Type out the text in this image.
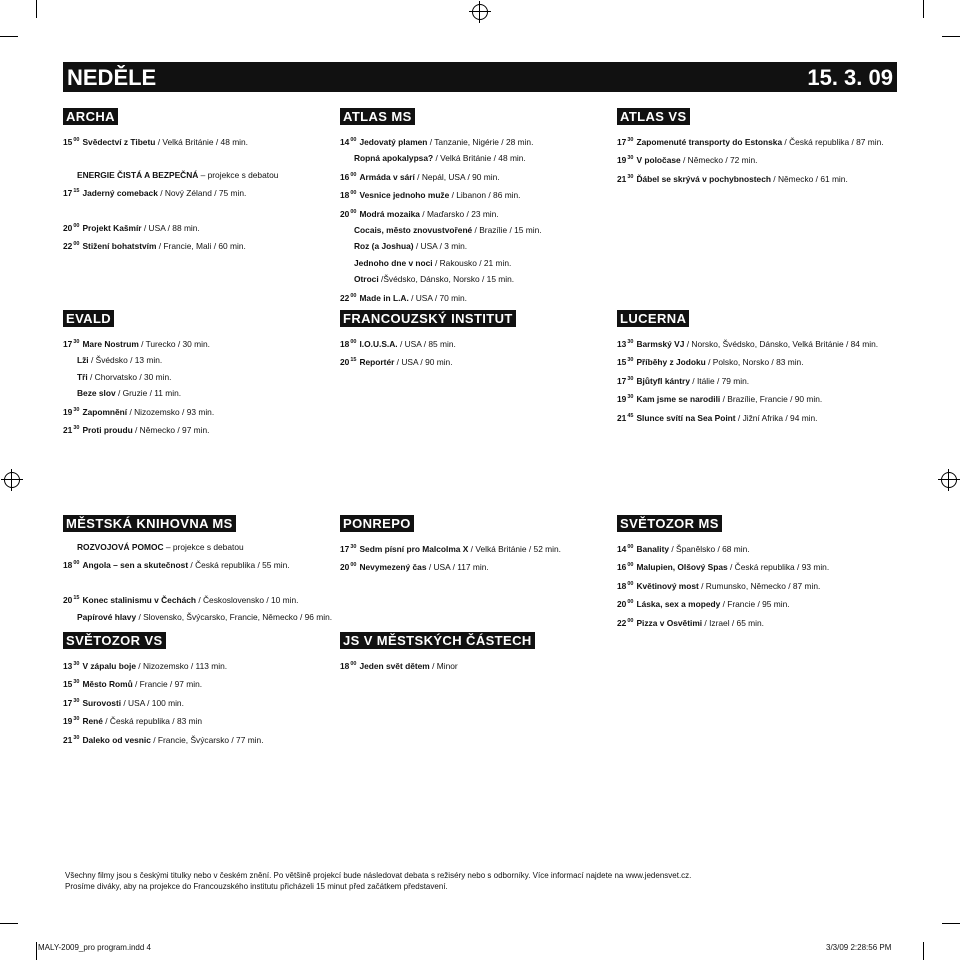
NEDĚLE	15. 3. 09
ARCHA
$15^{00}$ Svědectví z Tibetu / Velká Británie / 48 min.

ENERGIE ČISTÁ A BEZPEČNÁ – projekce s debatou
$17^{15}$ Jaderný comeback / Nový Zéland / 75 min.

$20^{00}$ Projekt Kašmír / USA / 88 min.
$22^{00}$ Stižení bohatstvím / Francie, Mali / 60 min.
ATLAS MS
$14^{00}$ Jedovatý plamen / Tanzanie, Nigérie / 28 min.
Ropná apokalypsa? / Velká Británie / 48 min.
$16^{00}$ Armáda v sárí / Nepál, USA / 90 min.
$18^{00}$ Vesnice jednoho muže / Libanon / 86 min.
$20^{00}$ Modrá mozaika / Maďarsko / 23 min.
Cocais, město znovustvořené / Brazílie / 15 min.
Roz (a Joshua) / USA / 3 min.
Jednoho dne v noci / Rakousko / 21 min.
Otroci /Švédsko, Dánsko, Norsko / 15 min.
$22^{00}$ Made in L.A. / USA / 70 min.
ATLAS VS
$17^{30}$ Zapomenuté transporty do Estonska / Česká republika / 87 min.
$19^{30}$ V poločase / Německo / 72 min.
$21^{30}$ Ďábel se skrývá v pochybnostech / Německo / 61 min.
EVALD
$17^{30}$ Mare Nostrum / Turecko / 30 min.
Lži / Švédsko / 13 min.
Tři / Chorvatsko / 30 min.
Beze slov / Gruzie / 11 min.
$19^{30}$ Zapomnění / Nizozemsko / 93 min.
$21^{30}$ Proti proudu / Německo / 97 min.
FRANCOUZSKÝ INSTITUT
$18^{00}$ I.O.U.S.A. / USA / 85 min.
$20^{15}$ Reportér / USA / 90 min.
LUCERNA
$13^{30}$ Barmský VJ / Norsko, Švédsko, Dánsko, Velká Británie / 84 min.
$15^{30}$ Příběhy z Jodoku / Polsko, Norsko / 83 min.
$17^{30}$ Bjůtyfl kántry / Itálie / 79 min.
$19^{30}$ Kam jsme se narodili / Brazílie, Francie / 90 min.
$21^{45}$ Slunce svítí na Sea Point / Jižní Afrika / 94 min.
MĚSTSKÁ KNIHOVNA MS
ROZVOJOVÁ POMOC – projekce s debatou
$18^{00}$ Angola – sen a skutečnost / Česká republika / 55 min.

$20^{15}$ Konec stalinismu v Čechách / Československo / 10 min.
Papírové hlavy / Slovensko, Švýcarsko, Francie, Německo / 96 min.
PONREPO
$17^{30}$ Sedm písní pro Malcolma X / Velká Británie / 52 min.
$20^{00}$ Nevymezený čas / USA / 117 min.
SVĚTOZOR MS
$14^{00}$ Banality / Španělsko / 68 min.
$16^{00}$ Malupien, Olšový Spas / Česká republika / 93 min.
$18^{00}$ Květinový most / Rumunsko, Německo / 87 min.
$20^{00}$ Láska, sex a mopedy / Francie / 95 min.
$22^{00}$ Pizza v Osvětimi / Izrael / 65 min.
SVĚTOZOR VS
$13^{30}$ V zápalu boje / Nizozemsko / 113 min.
$15^{30}$ Město Romů / Francie / 97 min.
$17^{30}$ Surovosti / USA / 100 min.
$19^{30}$ René / Česká republika / 83 min
$21^{30}$ Daleko od vesnic / Francie, Švýcarsko / 77 min.
JS V MĚSTSKÝCH ČÁSTECH
$18^{00}$ Jeden svět dětem / Minor
Všechny filmy jsou s českými titulky nebo v českém znění. Po většině projekcí bude následovat debata s režiséry nebo s odborníky. Více informací najdete na www.jedensvet.cz.
Prosíme diváky, aby na projekce do Francouzského institutu přicházeli 15 minut před začátkem představení.
MALY-2009_pro program.indd 4	3/3/09 2:28:56 PM
